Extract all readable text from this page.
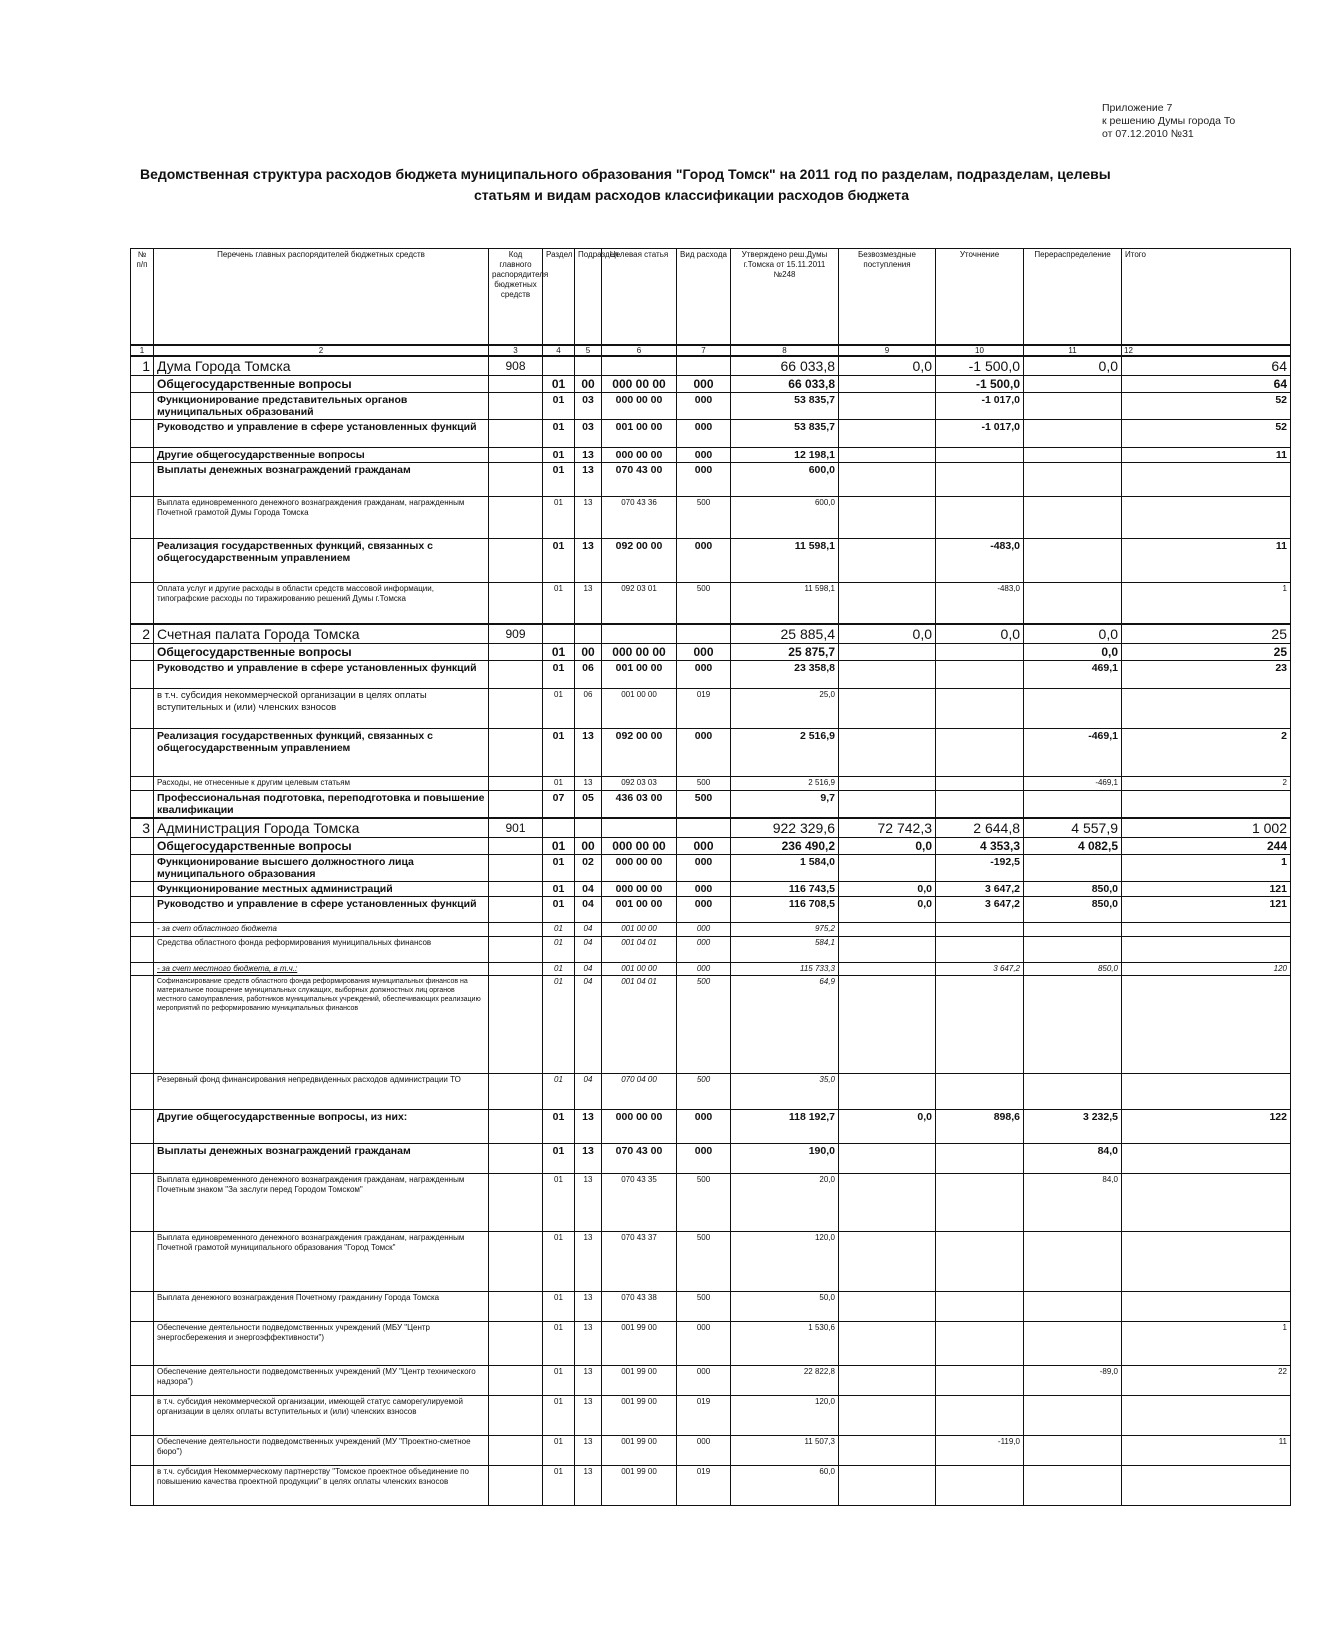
Приложение 7
к решению Думы города То
от 07.12.2010 №31
Ведомственная структура расходов бюджета муниципального образования "Город Томск" на 2011 год по разделам, подразделам, целевы
статьям и видам расходов классификации расходов бюджета
№ п/п	Перечень главных распорядителей бюджетных средств	Код главного распорядителя бюджетных средств	Раздел	Подраздел	Целевая статья	Вид расхода	Утверждено реш.Думы г.Томска от 15.11.2011 №248	Безвозмездные поступления	Уточнение	Перераспределение	Итого
1	2	3	4	5	6	7	8	9	10	11	12
1	Дума Города Томска	908					66 033,8	0,0	-1 500,0	0,0	64
	Общегосударственные вопросы		01	00	000 00 00	000	66 033,8		-1 500,0		64
	Функционирование представительных органов муниципальных образований		01	03	000 00 00	000	53 835,7		-1 017,0		52
	Руководство и управление в сфере установленных функций		01	03	001 00 00	000	53 835,7		-1 017,0		52
	Другие общегосударственные вопросы		01	13	000 00 00	000	12 198,1				11
	Выплаты денежных вознаграждений гражданам		01	13	070 43 00	000	600,0				
	Выплата единовременного денежного вознаграждения гражданам, награжденным Почетной грамотой Думы Города Томска		01	13	070 43 36	500	600,0				
	Реализация государственных функций, связанных с общегосударственным управлением		01	13	092 00 00	000	11 598,1		-483,0		11
	Оплата услуг и другие расходы в области средств массовой информации, типографские расходы по тиражированию решений Думы г.Томска		01	13	092 03 01	500	11 598,1		-483,0		1
2	Счетная палата Города Томска	909					25 885,4	0,0	0,0	0,0	25
	Общегосударственные вопросы		01	00	000 00 00	000	25 875,7			0,0	25
	Руководство и управление в сфере установленных функций		01	06	001 00 00	000	23 358,8			469,1	23
	в т.ч. субсидия некоммерческой организации в целях оплаты вступительных и (или) членских взносов		01	06	001 00 00	019	25,0				
	Реализация государственных функций, связанных с общегосударственным управлением		01	13	092 00 00	000	2 516,9			-469,1	2
	Расходы, не отнесенные к другим целевым статьям		01	13	092 03 03	500	2 516,9			-469,1	2
	Профессиональная подготовка, переподготовка и повышение квалификации		07	05	436 03 00	500	9,7				
3	Администрация Города Томска	901					922 329,6	72 742,3	2 644,8	4 557,9	1 002
	Общегосударственные вопросы		01	00	000 00 00	000	236 490,2	0,0	4 353,3	4 082,5	244
	Функционирование высшего должностного лица муниципального образования		01	02	000 00 00	000	1 584,0		-192,5		1
	Функционирование местных администраций		01	04	000 00 00	000	116 743,5	0,0	3 647,2	850,0	121
	Руководство и управление в сфере установленных функций		01	04	001 00 00	000	116 708,5	0,0	3 647,2	850,0	121
	- за счет областного бюджета		01	04	001 00 00	000	975,2				
	Средства областного фонда реформирования муниципальных финансов		01	04	001 04 01	000	584,1				
	- за счет местного бюджета, в т.ч.:		01	04	001 00 00	000	115 733,3		3 647,2	850,0	120
	Софинансирование средств областного фонда реформирования муниципальных финансов на материальное поощрение муниципальных служащих, выборных должностных лиц органов местного самоуправления, работников муниципальных учреждений, обеспечивающих реализацию мероприятий по реформированию муниципальных финансов		01	04	001 04 01	500	64,9				
	Резервный фонд финансирования непредвиденных расходов администрации ТО		01	04	070 04 00	500	35,0				
	Другие общегосударственные вопросы, из них:		01	13	000 00 00	000	118 192,7	0,0	898,6	3 232,5	122
	Выплаты денежных вознаграждений гражданам		01	13	070 43 00	000	190,0			84,0	
	Выплата единовременного денежного вознаграждения гражданам, награжденным Почетным знаком "За заслуги перед Городом Томском"		01	13	070 43 35	500	20,0			84,0	
	Выплата единовременного денежного вознаграждения гражданам, награжденным Почетной грамотой муниципального образования "Город Томск"		01	13	070 43 37	500	120,0				
	Выплата денежного вознаграждения Почетному гражданину Города Томска		01	13	070 43 38	500	50,0				
	Обеспечение деятельности подведомственных учреждений (МБУ "Центр энергосбережения и энергоэффективности")		01	13	001 99 00	000	1 530,6				1
	Обеспечение деятельности подведомственных учреждений (МУ "Центр технического надзора")		01	13	001 99 00	000	22 822,8			-89,0	22
	в т.ч. субсидия некоммерческой организации, имеющей статус саморегулируемой организации в целях оплаты вступительных и (или) членских взносов		01	13	001 99 00	019	120,0				
	Обеспечение деятельности подведомственных учреждений (МУ "Проектно-сметное бюро")		01	13	001 99 00	000	11 507,3		-119,0		11
	в т.ч. субсидия Некоммерческому партнерству "Томское проектное объединение по повышению качества проектной продукции" в целях оплаты членских взносов		01	13	001 99 00	019	60,0				
